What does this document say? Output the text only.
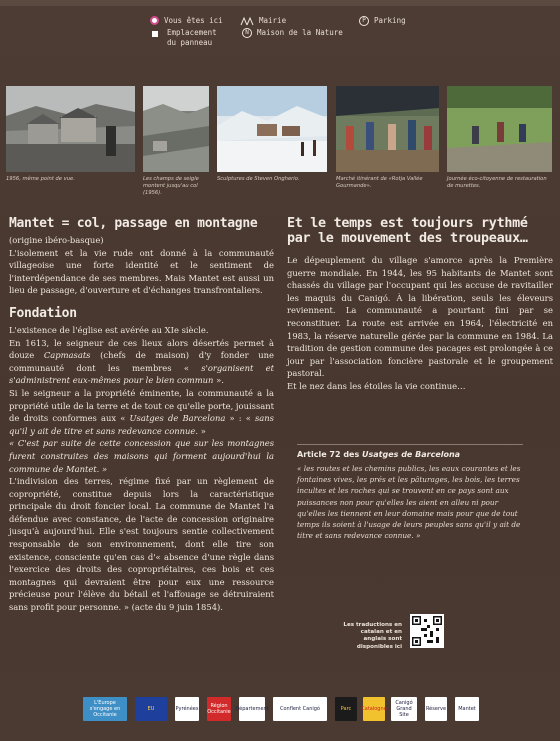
Vous êtes ici
Emplacement
du panneau
Mairie
N	Maison de la Nature
P	Parking
1956, même point de vue.	Les champs de seigle montent jusqu'au col (1956).
Sculptures de Steven Ongherio.	Marché itinérant de «Rotja Vallée Gourmande».
Journée éco-citoyenne de restauration de murettes.
Mantet = col, passage en montagne
(origine ibéro-basque)
L'isolement et la vie rude ont donné à la communauté villageoise une forte identité et le sentiment de l'interdépendance de ses membres. Mais Mantet est aussi un lieu de passage, d'ouverture et d'échanges transfrontaliers.
Fondation
L'existence de l'église est avérée au XIe siècle.
En 1613, le seigneur de ces lieux alors désertés permet à douze Capmasats (chefs de maison) d'y fonder une communauté dont les membres « s'organisent et s'administrent eux-mêmes pour le bien commun ».
Si le seigneur a la propriété éminente, la communauté a la propriété utile de la terre et de tout ce qu'elle porte, jouissant de droits conformes aux « Usatges de Barcelona » : « sans qu'il y ait de titre et sans redevance connue. »
« C'est par suite de cette concession que sur les montagnes furent construites des maisons qui forment aujourd'hui la commune de Mantet. »
L'indivision des terres, régime fixé par un règlement de copropriété, constitue depuis lors la caractéristique principale du droit foncier local. La commune de Mantet l'a défendue avec constance, de l'acte de concession originaire jusqu'à aujourd'hui. Elle s'est toujours sentie collectivement responsable de son environnement, dont elle tire son existence, consciente qu'en cas d'« absence d'une règle dans l'exercice des droits des copropriétaires, ces bois et ces montagnes qui devraient être pour eux une ressource précieuse pour l'élève du bétail et l'affouage se détruiraient sans profit pour personne. » (acte du 9 juin 1854).
Et le temps est toujours rythmé
par le mouvement des troupeaux…
Le dépeuplement du village s'amorce après la Première guerre mondiale. En 1944, les 95 habitants de Mantet sont chassés du village par l'occupant qui les accuse de ravitailler les maquis du Canigó. À la libération, seuls les éleveurs reviennent. La communauté a pourtant fini par se reconstituer. La route est arrivée en 1964, l'électricité en 1983, la réserve naturelle gérée par la commune en 1984. La tradition de gestion commune des pacages est prolongée à ce jour par l'association foncière pastorale et le groupement pastoral.
Et le nez dans les étoiles la vie continue…
Article 72 des Usatges de Barcelona
« les routes et les chemins publics, les eaux courantes et les fontaines vives, les prés et les pâturages, les bois, les terres incultes et les roches qui se trouvent en ce pays sont aux puissances non pour qu'elles les aient en alleu ni pour qu'elles les tiennent en leur domaine mais pour que de tout temps ils soient à l'usage de leurs peuples sans qu'il y ait de titre et sans redevance connue. »
Les traductions en catalan et en anglais sont disponibles ici
L'Europe s'engage en Occitanie
EU	Pyrénées	Région Occitanie Département	Conflent Canigó	Parc	Catalogne
Canigó Grand Site
Réserve	Mantet
